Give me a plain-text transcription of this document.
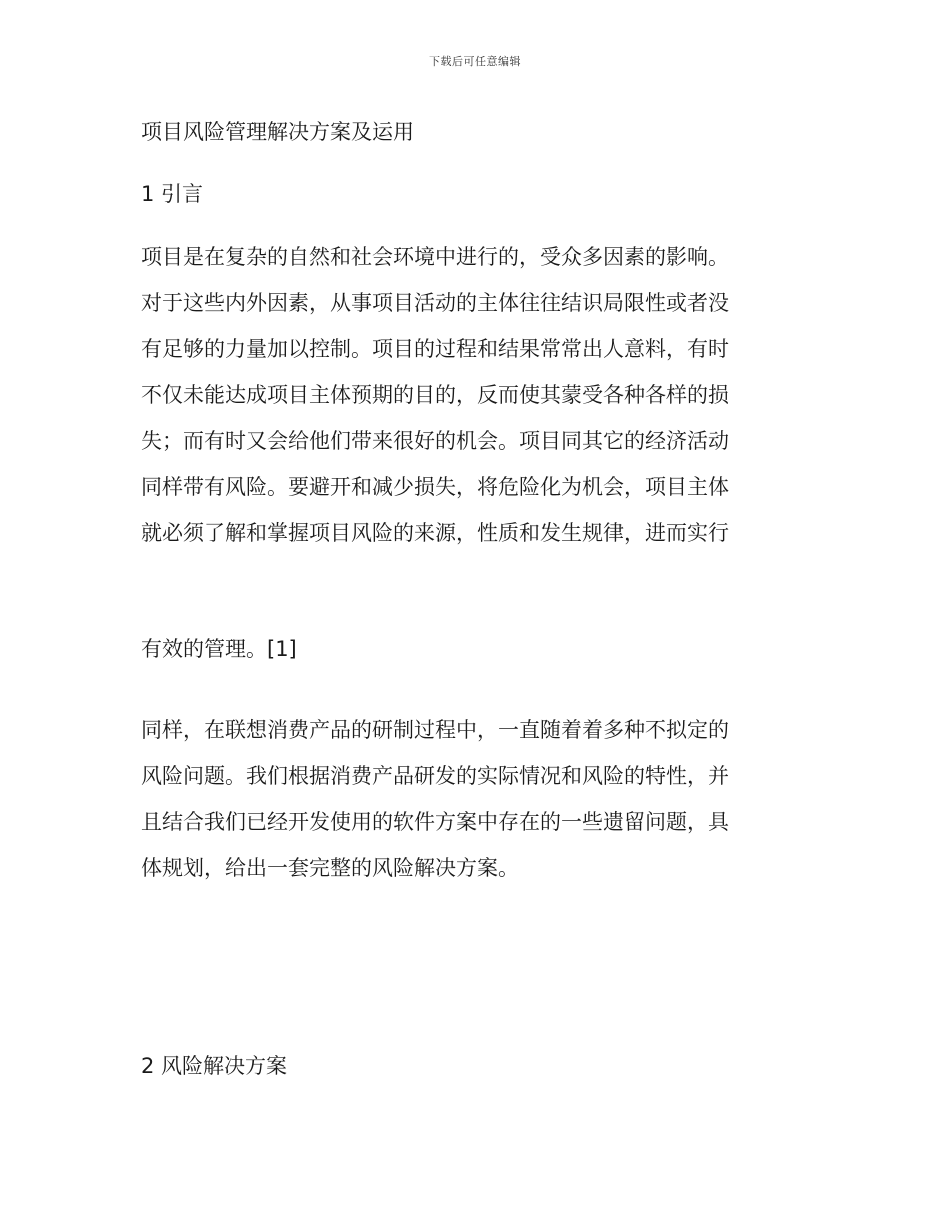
下载后可任意编辑
项目风险管理解决方案及运用
1 引言

项目是在复杂的自然和社会环境中进行的，受众多因素的影响。
对于这些内外因素，从事项目活动的主体往往结识局限性或者没
有足够的力量加以控制。项目的过程和结果常常出人意料，有时
不仅未能达成项目主体预期的目的，反而使其蒙受各种各样的损
失；而有时又会给他们带来很好的机会。项目同其它的经济活动
同样带有风险。要避开和减少损失，将危险化为机会，项目主体
就必须了解和掌握项目风险的来源，性质和发生规律，进而实行

有效的管理。[1]

同样，在联想消费产品的研制过程中，一直随着着多种不拟定的
风险问题。我们根据消费产品研发的实际情况和风险的特性，并
且结合我们已经开发使用的软件方案中存在的一些遗留问题，具
体规划，给出一套完整的风险解决方案。

2 风险解决方案
